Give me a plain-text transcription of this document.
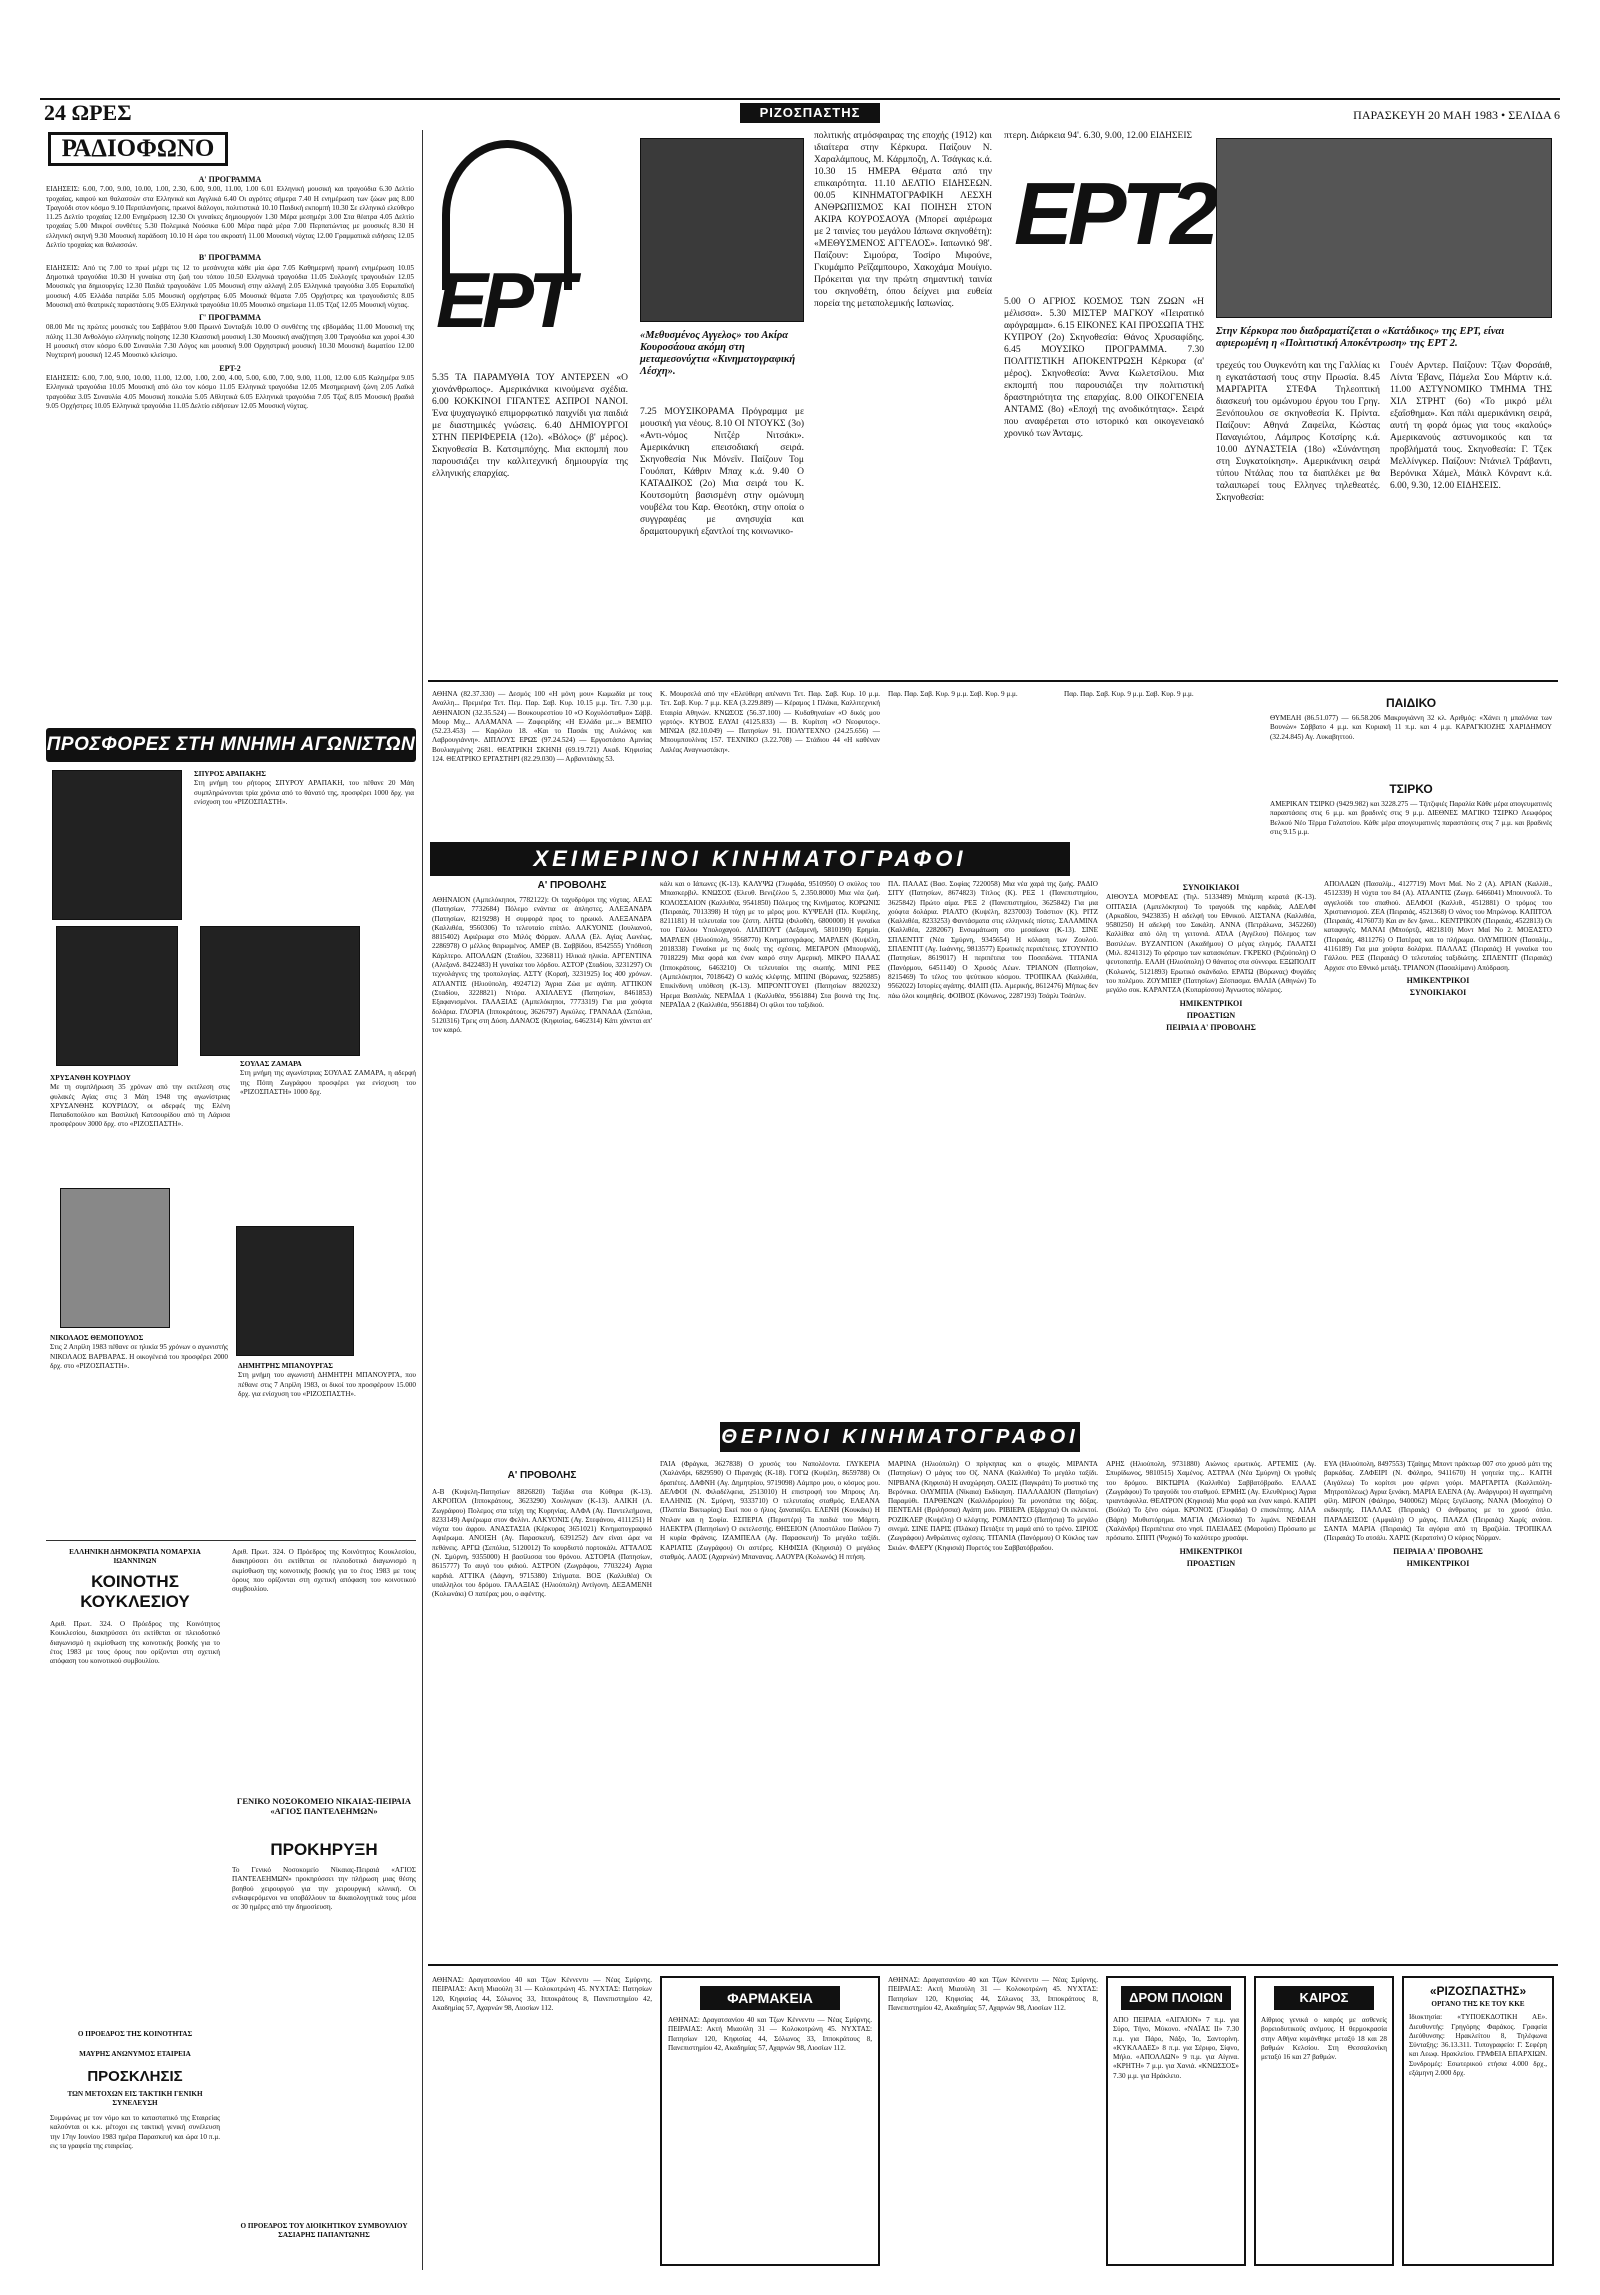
24 ΩΡΕΣ	ΡΙΖΟΣΠΑΣΤΗΣ	ΠΑΡΑΣΚΕΥΗ 20 ΜΑΗ 1983 • ΣΕΛΙΔΑ 6
ΡΑΔΙΟΦΩΝΟ
Α' ΠΡΟΓΡΑΜΜΑ
ΕΙΔΗΣΕΙΣ: 6.00, 7.00, 9.00, 10.00, 1.00, 2.30, 6.00, 9.00, 11.00, 1.00 6.01 Ελληνική μουσική και τραγούδια 6.30 Δελτίο τροχαίας, καιρού και θαλασσών στα Ελληνικά και Αγγλικά 6.40 Οι αγρότες σήμερα 7.40 Η ενημέρωση των ζώων μας 8.00 Τραγούδι στον κόσμο 9.10 Περιπλανήσεις, πρωινοί διάλογοι, πολιτιστικά 10.10 Παιδική εκπομπή 10.30 Σε ελληνικό ελεύθερο 11.25 Δελτίο τροχαίας 12.00 Ενημέρωση 12.30 Οι γυναίκες δημιουργούν 1.30 Μέρα μεσημέρι 3.00 Στα θέατρα 4.05 Δελτίο τροχαίας 5.00 Μικροί συνθέτες 5.30 Πολεμικά Νούσικα 6.00 Μέρα παρά μέρα 7.00 Περπατώντας με μουσικές 8.30 Η ελληνική σκηνή 9.30 Μουσική παράδοση 10.10 Η ώρα του ακροατή 11.00 Μουσική νύχτας 12.00 Γραμματικά ειδήσεις 12.05 Δελτίο τροχαίας και θαλασσών.
Β' ΠΡΟΓΡΑΜΜΑ
ΕΙΔΗΣΕΙΣ: Από τις 7.00 το πρωί μέχρι τις 12 το μεσάνυχτα κάθε μία ώρα 7.05 Καθημερινή πρωινή ενημέρωση 10.05 Δημοτικά τραγούδια 10.30 Η γυναίκα στη ζωή του τόπου 10.50 Ελληνικά τραγούδια 11.05 Συλλογές τραγουδιών 12.05 Μουσικές για δημιουργίες 12.30 Παιδιά τραγουδάνε 1.05 Μουσική στην αλλαγή 2.05 Ελληνικά τραγούδια 3.05 Ευρωπαϊκή μουσική 4.05 Ελλάδα πατρίδα 5.05 Μουσική ορχήστρας 6.05 Μουσικά θέματα 7.05 Ορχήστρες και τραγουδιστές 8.05 Μουσική από θεατρικές παραστάσεις 9.05 Ελληνικά τραγούδια 10.05 Μουσικό σημείωμα 11.05 Τζαζ 12.05 Μουσική νύχτας.
Γ' ΠΡΟΓΡΑΜΜΑ
08.00 Με τις πρώτες μουσικές του Σαββάτου 9.00 Πρωινό Συνταξιδι 10.00 Ο συνθέτης της εβδομάδας 11.00 Μουσική της πόλης 11.30 Ανθολόγιο ελληνικής ποίησης 12.30 Κλασσική μουσική 1.30 Μουσική αναζήτηση 3.00 Τραγούδια και χοροί 4.30 Η μουσική στον κόσμο 6.00 Συναυλία 7.30 Λόγος και μουσική 9.00 Ορχηστρική μουσική 10.30 Μουσική δωματίου 12.00 Νυχτερινή μουσική 12.45 Μουσικό κλείσιμο.
ΕΡΤ-2
ΕΙΔΗΣΕΙΣ: 6.00, 7.00, 9.00, 10.00, 11.00, 12.00, 1.00, 2.00, 4.00, 5.00, 6.00, 7.00, 9.00, 11.00, 12.00 6.05 Καλημέρα 9.05 Ελληνικά τραγούδια 10.05 Μουσική από όλο τον κόσμο 11.05 Ελληνικά τραγούδια 12.05 Μεσημεριανή ζώνη 2.05 Λαϊκά τραγούδια 3.05 Συναυλία 4.05 Μουσική ποικιλία 5.05 Αθλητικά 6.05 Ελληνικά τραγούδια 7.05 Τζαζ 8.05 Μουσική βραδιά 9.05 Ορχήστρες 10.05 Ελληνικά τραγούδια 11.05 Δελτίο ειδήσεων 12.05 Μουσική νύχτας.
ΠΡΟΣΦΟΡΕΣ ΣΤΗ ΜΝΗΜΗ ΑΓΩΝΙΣΤΩΝ
ΣΠΥΡΟΣ ΑΡΑΠΑΚΗΣ
Στη μνήμη του ρήτορος ΣΠΥΡΟΥ ΑΡΑΠΑΚΗ, του πέθανε 20 Μάη συμπληρώνονται τρία χρόνια από το θάνατό της, προσφέρει 1000 δρχ. για ενίσχυση του «ΡΙΖΟΣΠΑΣΤΗ».
ΧΡΥΣΑΝΘΗ ΚΟΥΡΙΔΟΥ
Με τη συμπλήρωση 35 χρόνων από την εκτέλεση στις φυλακές Αγίας στις 3 Μάη 1948 της αγωνίστριας ΧΡΥΣΑΝΘΗΣ ΚΟΥΡΙΔΟΥ, οι αδερφές της Ελένη Παπαδοπούλου και Βασιλική Κατσουρίδου από τη Λάρισα προσφέρουν 3000 δρχ. στο «ΡΙΖΟΣΠΑΣΤΗ».
ΣΟΥΛΑΣ ΖΑΜΑΡΑ
Στη μνήμη της αγωνίστριας ΣΟΥΛΑΣ ΖΑΜΑΡΑ, η αδερφή της Πόπη Ζωγράφου προσφέρει για ενίσχυση του «ΡΙΖΟΣΠΑΣΤΗ» 1000 δρχ.
ΝΙΚΟΛΑΟΣ ΘΕΜΟΠΟΥΛΟΣ
Στις 2 Απρίλη 1983 πέθανε σε ηλικία 95 χρόνων ο αγωνιστής ΝΙΚΟΛΑΟΣ ΒΑΡΒΑΡΑΣ. Η οικογένειά του προσφέρει 2000 δρχ. στο «ΡΙΖΟΣΠΑΣΤΗ».	ΔΗΜΗΤΡΗΣ ΜΠΑΝΟΥΡΓΑΣ
Στη μνήμη του αγωνιστή ΔΗΜΗΤΡΗ ΜΠΑΝΟΥΡΓΑ, που πέθανε στις 7 Απρίλη 1983, οι δικοί του προσφέρουν 15.000 δρχ. για ενίσχυση του «ΡΙΖΟΣΠΑΣΤΗ».
ΕΛΛΗΝΙΚΗ ΔΗΜΟΚΡΑΤΙΑ ΝΟΜΑΡΧΙΑ ΙΩΑΝΝΙΝΩΝ
ΚΟΙΝΟΤΗΣ ΚΟΥΚΛΕΣΙΟΥ
Αριθ. Πρωτ. 324. Ο Πρόεδρος της Κοινότητος Κουκλεσίου, διακηρύσσει ότι εκτίθεται σε πλειοδοτικό διαγωνισμό η εκμίσθωση της κοινοτικής βοσκής για το έτος 1983 με τους όρους που ορίζονται στη σχετική απόφαση του κοινοτικού συμβουλίου.
Ο ΠΡΟΕΔΡΟΣ ΤΗΣ ΚΟΙΝΟΤΗΤΑΣ
ΜΑΥΡΗΣ ΑΝΩΝΥΜΟΣ ΕΤΑΙΡΕΙΑ
ΠΡΟΣΚΛΗΣΙΣ
ΤΩΝ ΜΕΤΟΧΩΝ ΕΙΣ ΤΑΚΤΙΚΗ ΓΕΝΙΚΗ ΣΥΝΕΛΕΥΣΗ
Συμφώνως με τον νόμο και το καταστατικό της Εταιρείας καλούνται οι κ.κ. μέτοχοι εις τακτική γενική συνέλευση την 17ην Ιουνίου 1983 ημέρα Παρασκευή και ώρα 10 π.μ. εις τα γραφεία της εταιρείας.
Αριθ. Πρωτ. 324. Ο Πρόεδρος της Κοινότητος Κουκλεσίου, διακηρύσσει ότι εκτίθεται σε πλειοδοτικό διαγωνισμό η εκμίσθωση της κοινοτικής βοσκής για το έτος 1983 με τους όρους που ορίζονται στη σχετική απόφαση του κοινοτικού συμβουλίου.
ΓΕΝΙΚΟ ΝΟΣΟΚΟΜΕΙΟ ΝΙΚΑΙΑΣ-ΠΕΙΡΑΙΑ «ΑΓΙΟΣ ΠΑΝΤΕΛΕΗΜΩΝ»
ΠΡΟΚΗΡΥΞΗ
Το Γενικό Νοσοκομείο Νίκαιας-Πειραιά «ΑΓΙΟΣ ΠΑΝΤΕΛΕΗΜΩΝ» προκηρύσσει την πλήρωση μιας θέσης βοηθού χειρουργού για την χειρουργική κλινική. Οι ενδιαφερόμενοι να υποβάλλουν τα δικαιολογητικά τους μέσα σε 30 ημέρες από την δημοσίευση.
Ο ΠΡΟΕΔΡΟΣ ΤΟΥ ΔΙΟΙΚΗΤΙΚΟΥ ΣΥΜΒΟΥΛΙΟΥ ΣΑΣΙΑΡΗΣ ΠΑΠΑΝΤΩΝΗΣ
ΕΡΤ	«Μεθυσμένος Αγγελος» του Ακίρα Κουροσάουα ακόμη στη μεταμεσονύχτια «Κινηματογραφική Λέσχη».
5.35 ΤΑ ΠΑΡΑΜΥΘΙΑ ΤΟΥ ΑΝΤΕΡΣΕΝ «Ο χιονάνθρωπος». Αμερικάνικα κινούμενα σχέδια. 6.00 ΚΟΚΚΙΝΟΙ ΓΙΓΑΝΤΕΣ ΑΣΠΡΟΙ ΝΑΝΟΙ. Ένα ψυχαγωγικό επιμορφωτικό παιχνίδι για παιδιά με διαστημικές γνώσεις. 6.40 ΔΗΜΙΟΥΡΓΟΙ ΣΤΗΝ ΠΕΡΙΦΕΡΕΙΑ (12ο). «Βόλος» (β' μέρος). Σκηνοθεσία Β. Κατσιμπόχης. Μια εκπομπή που παρουσιάζει την καλλιτεχνική δημιουργία της ελληνικής επαρχίας.
7.25 ΜΟΥΣΙΚΟΡΑΜΑ Πρόγραμμα με μουσική για νέους. 8.10 ΟΙ ΝΤΟΥΚΣ (3ο) «Αντι-νόμος Νιτζέρ Νιτσάκι». Αμερικάνικη επεισοδιακή σειρά. Σκηνοθεσία Νικ Μόνεϊν. Παίζουν Τομ Γουόπατ, Κάθριν Μπαχ κ.ά. 9.40 Ο ΚΑΤΑΔΙΚΟΣ (2ο) Μια σειρά του Κ. Κουτσομύτη βασισμένη στην ομώνυμη νουβέλα του Καρ. Θεοτόκη, στην οποία ο συγγραφέας με ανησυχία και δραματουργική εξαντλοί της κοινωνικο-
πολιτικής ατμόσφαιρας της εποχής (1912) και ιδιαίτερα στην Κέρκυρα. Παίζουν Ν. Χαραλάμπους, Μ. Κάρμποζη, Λ. Τσάγκας κ.ά. 10.30 15 ΗΜΕΡΑ Θέματα από την επικαιρότητα. 11.10 ΔΕΛΤΙΟ ΕΙΔΗΣΕΩΝ. 00.05 ΚΙΝΗΜΑΤΟΓΡΑΦΙΚΗ ΛΕΣΧΗ ΑΝΘΡΩΠΙΣΜΟΣ ΚΑΙ ΠΟΙΗΣΗ ΣΤΟΝ ΑΚΙΡΑ ΚΟΥΡΟΣΑΟΥΑ (Μπορεί αφιέρωμα με 2 ταινίες του μεγάλου Ιάπωνα σκηνοθέτη): «ΜΕΘΥΣΜΕΝΟΣ ΑΓΓΕΛΟΣ». Ιαπωνικό 98'. Παίζουν: Σιμούρα, Τοσίρο Μιφούνε, Γκυμάμπο Ρεΐζαμπουρο, Χακοχάμα Μουίγιο. Πρόκειται για την πρώτη σημαντική ταινία του σκηνοθέτη, όπου δείχνει μια ευθεία πορεία της μεταπολεμικής Ιαπωνίας.
πτερη. Διάρκεια 94'. 6.30, 9.00, 12.00 ΕΙΔΗΣΕΙΣ
ΕΡΤ2
5.00 Ο ΑΓΡΙΟΣ ΚΟΣΜΟΣ ΤΩΝ ΖΩΩΝ «Η μέλισσα». 5.30 ΜΙΣΤΕΡ ΜΑΓΚΟΥ «Πειρατικό αφόγραμμα». 6.15 ΕΙΚΟΝΕΣ ΚΑΙ ΠΡΟΣΩΠΑ ΤΗΣ ΚΥΠΡΟΥ (2ο) Σκηνοθεσία: Θάνος Χρυσαφίδης. 6.45 ΜΟΥΣΙΚΟ ΠΡΟΓΡΑΜΜΑ. 7.30 ΠΟΛΙΤΙΣΤΙΚΗ ΑΠΟΚΕΝΤΡΩΣΗ Κέρκυρα (α' μέρος). Σκηνοθεσία: Άννα Κωλετσίλου. Μια εκπομπή που παρουσιάζει την πολιτιστική δραστηριότητα της επαρχίας. 8.00 ΟΙΚΟΓΕΝΕΙΑ ΑΝΤΑΜΣ (8ο) «Εποχή της ανοδικότητας». Σειρά που αναφέρεται στο ιστορικό και οικογενειακό χρονικό των Άνταμς.
Στην Κέρκυρα που διαδραματίζεται ο «Κατάδικος» της ΕΡΤ, είναι αφιερωμένη η «Πολιτιστική Αποκέντρωση» της ΕΡΤ 2.
τρεχεύς του Ουγκενότη και της Γαλλίας κι η εγκατάστασή τους στην Πρωσία. 8.45 ΜΑΡΓΑΡΙΤΑ ΣΤΕΦΑ Τηλεοπτική διασκευή του ομώνυμου έργου του Γρηγ. Ξενόπουλου σε σκηνοθεσία Κ. Πρίντα. Παίζουν: Αθηνά Ζαφείλα, Κώστας Παναγιώτου, Λάμπρος Κοτσίρης κ.ά. 10.00 ΔΥΝΑΣΤΕΙΑ (18ο) «Σύνάντηση στη Συγκατοίκηση». Αμερικάνικη σειρά τύπου Ντάλας που τα διαπλέκει με θα ταλαιπωρεί τους Ελληνες τηλεθεατές. Σκηνοθεσία:
Γουέν Αρντερ. Παίζουν: Τζων Φορσάιθ, Λίντα Έβανς, Πάμελα Σου Μάρτιν κ.ά. 11.00 ΑΣΤΥΝΟΜΙΚΟ ΤΜΗΜΑ ΤΗΣ ΧΙΛ ΣΤΡΗΤ (6ο) «Το μικρό μέλι εξαΐσθημα». Και πάλι αμερικάνικη σειρά, αυτή τη φορά όμως για τους «καλούς» Αμερικανούς αστυνομικούς και τα προβλήματά τους. Σκηνοθεσία: Γ. Τζεκ Μελλίνγκερ. Παίζουν: Ντάνιελ Τράβαντι, Βερόνικα Χάμελ, Μάικλ Κόνραντ κ.ά. 6.00, 9.30, 12.00 ΕΙΔΗΣΕΙΣ.
ΑΘΗΝΑ (82.37.330) — Δεσμός 100 «Η μόνη μου» Κωμωδία με τους Αναλλη... Πρεμιέρα Τετ. Πεμ. Παρ. Σαβ. Κυρ. 10.15 μ.μ. Τετ. 7.30 μ.μ. ΑΘΗΝΑΙΟΝ (32.35.524) — Βουκουρεστίου 10 «Ο Κοχυλόσταθμο» Σάββ. Μουρ Μιχ... ΑΛΑΜΑΝΑ — Ζαφειρίδης «Η Ελλάδα με...» ΒΕΜΠΟ (52.23.453) — Καρόλου 18. «Και το Πασάκ της Αυλώνος και Λαβρουγιάννη». ΔΙΠΛΟΥΣ ΕΡΩΣ (97.24.524) — Εργοστάσιο Αμινίας Βουλιαγμένης 2681. ΘΕΑΤΡΙΚΗ ΣΚΗΝΗ (69.19.721) Ακαδ. Κηφισίας 124. ΘΕΑΤΡΙΚΟ ΕΡΓΑΣΤΗΡΙ (82.29.030) — Αρβανιτάκης 53.
Κ. Μουρσελά από την «Ελεύθερη απέναντι Τετ. Παρ. Σαβ. Κυρ. 10 μ.μ. Τετ. Σαβ. Κυρ. 7 μ.μ. ΚΕΑ (3.229.889) — Κέραμος 1 Πλάκα, Καλλιτεχνική Εταιρία Αθηνών. ΚΝΩΣΟΣ (56.37.100) — Κυδαθηναίων «Ο δικός μου γερτός». ΚΥΒΟΣ ΕΛΥΑΙ (4125.833) — Β. Κυρίτση «Ο Νεοφυτος». ΜΙΝΩΑ (82.10.049) — Πατησίων 91. ΠΟΛΥΤΕΧΝΟ (24.25.656) — Μπουμπουλίνας 157. ΤΕΧΝΙΚΟ (3.22.708) — Στάδιου 44 «Η καθέναν Λαλέας Αναγνωστάκη».
Παρ. Παρ. Σαβ. Κυρ. 9 μ.μ. Σαβ. Κυρ. 9 μ.μ.	Παρ. Παρ. Σαβ. Κυρ. 9 μ.μ. Σαβ. Κυρ. 9 μ.μ.
ΠΑΙΔΙΚΟ
ΘΥΜΕΛΗ (86.51.077) — 66.58.206 Μακρυγιάννη 32 κλ. Αριθμός: «Χάνει η μπαλόνια των Βουνών» Σάββατο 4 μ.μ. και Κυριακή 11 π.μ. και 4 μ.μ. ΚΑΡΑΓΚΙΟΖΗΣ ΧΑΡΙΔΗΜΟΥ (32.24.845) Αγ. Λυκαβηττού.
ΤΣΙΡΚΟ
ΑΜΕΡΙΚΑΝ ΤΣΙΡΚΟ (9429.982) και 3228.275 — Τζιτζιφιές Παραλία Κάθε μέρα απογευματινές παραστάσεις στις 6 μ.μ. και βραδινές στις 9 μ.μ. ΔΙΕΘΝΕΣ ΜΑΓΙΚΟ ΤΣΙΡΚΟ Λεωφόρος Βελκού Νέο Τέρμα Γαλατσίου. Κάθε μέρα απογευματινές παραστάσεις στις 7 μ.μ. και βραδινές στις 9.15 μ.μ.
ΧΕΙΜΕΡΙΝΟΙ ΚΙΝΗΜΑΤΟΓΡΑΦΟΙ
Α' ΠΡΟΒΟΛΗΣ
ΑΘΗΝΑΙΟΝ (Αμπελόκηποι, 7782122): Οι ταχυδρόμοι της νύχτας. ΑΕΛΣ (Πατησίων, 7732684) Πόλεμο ενάντια σε άπληστες. ΑΛΕΞΑΝΔΡΑ (Πατησίων, 8219298) Η συμφορά προς το ηρωικό. ΑΛΕΞΑΝΔΡΑ (Καλλιθέα, 9560306) Το τελευταίο επίπλο. ΑΛΚΥΟΝΙΣ (Ιουλιανού, 8815402) Αφιέρωμα στο Μιλός Φόρμαν. ΑΛΛΑ (Ελ. Αγίας Λωνέως, 2286978) Ο μέλλος θειρωμένος. ΑΜΕΡ (Β. Σαββίδου, 8542555) Υπόθεση Κάρλτερο. ΑΠΟΛΛΩΝ (Σταδίου, 3236811) Ηλικιά ηλικία. ΑΡΓΕΝΤΙΝΑ (Αλεξανδ. 8422483) Η γυναίκα του λόρδου. ΑΣΤΟΡ (Σταδίου, 3231297) Οι τεχνολάγνες της τροπολογίας. ΑΣΤΥ (Κοραή, 3231925) Ιος 400 χρόνων. ΑΤΛΑΝΤΙΣ (Ηλιούπολη, 4924712) Άγρια Ζώα με αγάπη. ΑΤΤΙΚΟΝ (Σταδίου, 3228821) Ντόρα. ΑΧΙΛΛΕΥΣ (Πατησίων, 8461853) Εξαφανισμένοι. ΓΑΛΑΞΙΑΣ (Αμπελόκηποι, 7773319) Για μια χούφτα δολάρια. ΓΛΟΡΙΑ (Ιπποκράτους, 3626797) Αγκύλες. ΓΡΑΝΑΔΑ (Σεπόλια, 5120316) Τρεις στη Δύση. ΔΑΝΑΟΣ (Κηφισίας, 6462314) Κάτι χάνεται απ' τον καιρό.
κάλι και ο Ιάπωνες (Κ-13). ΚΑΛΥΨΩ (Γλυφάδα, 9510950) Ο σκύλος του Μπασκερβιλ. ΚΝΩΣΟΣ (Ελευθ. Βενιζέλου 5, 2.350.8000) Μια νέα ζωή. ΚΟΛΟΣΣΑΙΟΝ (Καλλιθέα, 9541850) Πόλεμος της Κινήματος. ΚΟΡΩΝΙΣ (Πειραιάς, 7013398) Η τύχη με το μέρος μου. ΚΥΨΕΛΗ (Πλ. Κυψέλης, 8211181) Η τελευταία του ζέστη. ΛΗΤΩ (Φιλοθέη, 6800000) Η γυναίκα του Γάλλου Υπολοχαγού. ΛΙΛΙΠΟΥΤ (Δεξαμενή, 5810190) Ερημία. ΜΑΡΛΕΝ (Ηλιούπολη, 9568770) Κινηματογράφος. ΜΑΡΛΕΝ (Κυψέλη, 2018338) Γυναίκα με τις δικές της σχέσεις. ΜΕΓΑΡΟΝ (Μπουρνάζι, 7018229) Μια φορά και έναν καιρό στην Αμερική. ΜΙΚΡΟ ΠΑΛΑΣ (Ιπποκράτους, 6463210) Οι τελευταίοι της σιωπής. ΜΙΝΙ ΡΕΞ (Αμπελόκηποι, 7018642) Ο καλός κλέφτης. ΜΠΙΝΙ (Βύρωνας, 9225885) Επικίνδυνη υπόθεση (Κ-13). ΜΠΡΟΝΤΓΟΥΕΙ (Πατησίων 8820232) Ήρεμα Βασιλιάς. ΝΕΡΑΪΔΑ 1 (Καλλιθέα, 9561884) Στα βουνά της Ιτις. ΝΕΡΑΪΔΑ 2 (Καλλιθέα, 9561884) Οι φίλοι του ταξιδιού.
ΠΛ. ΠΑΛΑΣ (Βασ. Σοφίας 7220058) Μια νέα χαρά της ζωής. ΡΑΔΙΟ ΣΙΤΥ (Πατησίων, 8674823) Τίτλος (Κ). ΡΕΞ 1 (Πανεπιστημίου, 3625842) Πρώτο αίμα. ΡΕΞ 2 (Πανεπιστημίου, 3625842) Για μια χούφτα δολάρια. ΡΙΑΛΤΟ (Κυψέλη, 8237003) Τσάστιον (Κ). ΡΙΤΖ (Καλλιθέα, 8233253) Φαντάσματα στις ελληνικές πίστες. ΣΑΛΑΜΙΝΑ (Καλλιθέα, 2282067) Ενσωμάτωση στο μεσαίωνα (Κ-13). ΣΙΝΕ ΣΠΛΕΝΤΙΤ (Νέα Σμύρνη, 9345654) Η κόλαση των Ζουλού. ΣΠΛΕΝΤΙΤ (Αγ. Ιωάννης, 9813577) Ερωτικές περιπέτειες. ΣΤΟΥΝΤΙΟ (Πατησίων, 8619017) Η περιπέτεια του Ποσειδώνα. ΤΙΤΑΝΙΑ (Πανόρμου, 6451140) Ο Χρυσός Λέων. ΤΡΙΑΝΟΝ (Πατησίων, 8215469) Το τέλος του ψεύτικου κόσμου. ΤΡΟΠΙΚΑΛ (Καλλιθέα, 9562022) Ιστορίες αγάπης. ΦΙΛΙΠ (Πλ. Αμερικής, 8612476) Μήπως δεν πάω όλοι κοιμηθείς. ΦΟΙΒΟΣ (Κόνωνος, 2287193) Τσάρλι Τσάπλιν.
ΣΥΝΟΙΚΙΑΚΟΙ
ΑΙΘΟΥΣΑ ΜΟΡΦΕΑΣ (Τηλ. 5133489) Μπάμπη κερατά (Κ-13). ΟΠΤΑΣΙΑ (Αμπελόκηποι) Το τραγούδι της καρδιάς. ΑΔΕΛΦΙ (Αρκαδίου, 9423835) Η αδελφή του Εθνικού. ΑΙΣΤΑΝΑ (Καλλιθέα, 9580250) Η αδελφή του Σακάλη. ΑΝΝΑ (Πετράλωνα, 3452260) Καλλίθεα από όλη τη γειτονιά. ΑΤΛΑ (Αγγέλου) Πόλεμος των Βασιλέων. ΒΥΖΑΝΤΙΟΝ (Ακαδήμου) Ο μέγας ελιγμός. ΓΑΛΑΤΣΙ (Μιλ. 8241312) Το φέρσιμο των κατασκόπων. ΓΚΡΕΚΟ (Ριζούπολη) Ο ψευτοπατήρ. ΕΛΛΗ (Ηλιούπολη) Ο θάνατος στα σύννεφα. ΕΞΩΠΟΛΙΤ (Κολωνός, 5121893) Ερωτικό σκάνδαλο. ΕΡΑΤΩ (Βύρωνας) Φυγάδες του πολέμου. ΖΟΥΜΠΕΡ (Πατησίων) Ξέσπασμα. ΘΑΛΙΑ (Αθηνών) Το μεγάλο σοκ. ΚΑΡΑΝΤΖΑ (Κυπαρίσσου) Άγνωστος πόλεμος.
ΗΜΙΚΕΝΤΡΙΚΟΙ
ΠΡΟΑΣΤΙΩΝ
ΠΕΙΡΑΙΑ Α' ΠΡΟΒΟΛΗΣ
ΑΠΟΛΛΩΝ (Πασαλίμ., 4127719) Μοντ Μαΐ. Νο 2 (Α). ΑΡΙΑΝ (Καλλίθ., 4512339) Η νύχτα του 84 (Α). ΑΤΛΑΝΤΙΣ (Ζωγρ. 6466041) Μπουνουέλ. Το αγγελούδι του σπαθιού. ΔΕΛΦΟΙ (Καλλιθ., 4512881) Ο τρόμος του Χριστιανισμού. ΖΕΑ (Πειραιάς, 4521368) Ο νάνος του Μπρώνοφ. ΚΑΠΙΤΟΛ (Πειραιάς, 4176073) Και αν δεν ξανα... ΚΕΝΤΡΙΚΟΝ (Πειραιάς, 4522813) Οι καταφυγές. ΜΑΝΑΙ (Μπούρτζι, 4821810) Μοντ Μαΐ Νο 2. ΜΟΞΑΣΤΟ (Πειραιάς, 4811276) Ο Πατέρας και το πλήρωμα. ΟΛΥΜΠΙΟΝ (Πασαλίμ., 4116189) Για μια χούφτα δολάρια. ΠΑΛΛΑΣ (Πειραιάς) Η γυναίκα του Γάλλου. ΡΕΞ (Πειραιάς) Ο τελευταίος ταξιδιώτης. ΣΠΛΕΝΤΙΤ (Πειραιάς) Αρχισε στο Εθνικό μετάξι. ΤΡΙΑΝΟΝ (Πασαλίμανι) Απόδραση.
ΗΜΙΚΕΝΤΡΙΚΟΙ
ΣΥΝΟΙΚΙΑΚΟΙ
ΘΕΡΙΝΟΙ ΚΙΝΗΜΑΤΟΓΡΑΦΟΙ
Α' ΠΡΟΒΟΛΗΣ
Α-Β (Κυψελη-Πατησίων 8826820) Ταξίδια στα Κύθηρα (Κ-13). ΑΚΡΟΠΟΛ (Ιπποκράτους, 3623290) Χουλιγκαν (Κ-13). ΑΛΙΚΗ (Λ. Ζωγράφου) Πολεμος στα τείχη της Κυρηνίας. ΑΛΦΑ (Αγ. Παντελεήμονα, 8233149) Αφιέρωμα στον Φελίνι. ΑΛΚΥΟΝΙΣ (Αγ. Στεφάνου, 4111251) Η νύχτα του άφρου. ΑΝΑΣΤΑΣΙΑ (Κέρκυρας 3651021) Κινηματογραφικό Αφιέρωμα. ΑΝΟΙΞΗ (Αγ. Παρασκευή, 6391252) Δεν είναι ώρα να πεθάνεις. ΑΡΓΩ (Σεπόλια, 5120012) Το κουρδιστό πορτοκάλι. ΑΤΤΑΛΟΣ (Ν. Σμύρνη, 9355000) Η βασίλισσα του θρόνου. ΑΣΤΟΡΙΑ (Πατησίων, 8615777) Το αυγό του φιδιού. ΑΣΤΡΟΝ (Ζωγράφου, 7703224) Αγρια καρδιά. ΑΤΤΙΚΑ (Δάφνη, 9715380) Στίγματα. ΒΟΞ (Καλλιθέα) Οι υπαλληλοι του δρόμου. ΓΑΛΑΞΙΑΣ (Ηλιούπολη) Αντίγονη. ΔΕΞΑΜΕΝΗ (Κολωνάκι) Ο πατέρας μου, ο αφέντης.
ΓΑΙΑ (Φράγκα, 3627838) Ο χρυσός του Ναπολέοντα. ΓΛΥΚΕΡΙΑ (Χαλάνδρι, 6829590) Ο Πιρανχάς (Κ-18). ΓΟΓΩ (Κυψέλη, 8659788) Οι δραπέτες. ΔΑΦΝΗ (Αγ. Δημητρίου, 9719098) Λάμπρο μου, ο κόσμος μου. ΔΕΛΦΟΙ (Ν. Φιλαδέλφεια, 2513010) Η επιστροφή του Μπρους Λη. ΕΛΛΗΝΙΣ (Ν. Σμύρνη, 9333710) Ο τελευταίος σταθμός. ΕΛΕΑΝΑ (Πλατεία Βικτωρίας) Εκεί που ο ήλιος ξαναπαίζει. ΕΛΕΝΗ (Κουκάκι) Η Ντιλαν και η Σοφία. ΕΣΠΕΡΙΑ (Περιστέρι) Τα παιδιά του Μάρτη. ΗΛΕΚΤΡΑ (Πατησίων) Ο εκτελεστής. ΘΗΣΕΙΟΝ (Αποστόλου Παύλου 7) Η κυρία Φράνσις. ΙΖΑΜΠΕΛΑ (Αγ. Παρασκευή) Το μεγάλο ταξίδι. ΚΑΡΙΑΤΙΣ (Ζωγράφου) Οι αστέρες. ΚΗΦΙΣΙΑ (Κηφισιά) Ο μεγάλος σταθμός. ΛΑΟΣ (Αχαρνών) Μπανανας. ΛΑΟΥΡΑ (Κολωνός) Η πτήση.
ΜΑΡΙΝΑ (Ηλιούπολη) Ο πρίγκηπας και ο φτωχός. ΜΙΡΑΝΤΑ (Πατησίων) Ο μάγος του Οζ. ΝΑΝΑ (Καλλιθέα) Το μεγάλο ταξίδι. ΝΙΡΒΑΝΑ (Κηφισιά) Η αναχώρηση. ΟΑΣΙΣ (Παγκράτι) Το μυστικό της Βερόνικα. ΟΛΥΜΠΙΑ (Νίκαια) Εκδίκηση. ΠΑΛΛΑΔΙΟΝ (Πατησίων) Παραμύθι. ΠΑΡΘΕΝΩΝ (Καλλιδρομίου) Τα μονοπάτια της δόξας. ΠΕΝΤΕΛΗ (Βριλήσσια) Αγάπη μου. ΡΙΒΙΕΡΑ (Εξάρχεια) Οι εκλεκτοί. ΡΟΖΙΚΛΕΡ (Κυψέλη) Ο κλέφτης. ΡΟΜΑΝΤΣΟ (Πατήσια) Το μεγάλο σινεμά. ΣΙΝΕ ΠΑΡΙΣ (Πλάκα) Πετάξτε τη μαμά από το τρένο. ΣΙΡΙΟΣ (Ζωγράφου) Ανθρώπινες σχέσεις. ΤΙΤΑΝΙΑ (Πανόρμου) Ο Κύκλος των Σκιών. ΦΛΕΡΥ (Κηφισιά) Πυρετός του Σαββατόβραδου.
ΑΡΗΣ (Ηλιούπολη, 9731880) Αιώνιος ερωτικός. ΑΡΤΕΜΙΣ (Αγ. Σπυρίδωνος, 9810515) Χαμένος. ΑΣΤΡΑΛ (Νέα Σμύρνη) Οι γροθιές του δρόμου. ΒΙΚΤΩΡΙΑ (Καλλιθέα) Σαββατόβραδο. ΕΛΛΑΣ (Ζωγράφου) Το τραγούδι του σταθμού. ΕΡΜΗΣ (Αγ. Ελευθέριος) Άγρια τριαντάφυλλα. ΘΕΑΤΡΟΝ (Κηφισιά) Μια φορά και έναν καιρό. ΚΑΠΡΙ (Βούλα) Το ξένο σώμα. ΚΡΟΝΟΣ (Γλυφάδα) Ο επισκέπτης. ΛΙΛΑ (Βάρη) Μυθιστόρημα. ΜΑΓΙΑ (Μελίσσια) Το λιμάνι. ΝΕΦΕΛΗ (Χαλάνδρι) Περιπέτεια στο νησί. ΠΛΕΙΑΔΕΣ (Μαρούσι) Πρόσωπο με πρόσωπο. ΣΠΙΤΙ (Ψυχικό) Το καλύτερο χρυσάφι.
ΗΜΙΚΕΝΤΡΙΚΟΙ
ΠΡΟΑΣΤΙΩΝ
ΕΥΑ (Ηλιούπολη, 8497553) Τζαίημς Μποντ πράκτωρ 007 στο χρυσό μάτι της βαρκάδας. ΖΑΦΕΙΡΙ (Ν. Φάληρο, 9411670) Η γοητεία της... ΚΑΙΤΗ (Αιγάλεω) Το κορίτσι μου φέρνει γούρι. ΜΑΡΓΑΡΙΤΑ (Καλλιπόλη-Μητροπόλεως) Αγρια ξενάκη. ΜΑΡΙΑ ΕΛΕΝΑ (Αγ. Ανάργυροι) Η αγαπημένη φίλη. ΜΙΡΟΝ (Φάληρο, 9400062) Μέρες ξεγέλασης. ΝΑΝΑ (Μοσχάτο) Ο εκδικητής. ΠΑΛΛΑΣ (Πειραιάς) Ο άνθρωπος με το χρυσό όπλο. ΠΑΡΑΔΕΙΣΟΣ (Αμφιάλη) Ο μάγος. ΠΛΑΖΑ (Πειραιάς) Χωρίς ανάσα. ΣΑΝΤΑ ΜΑΡΙΑ (Πειραιάς) Τα αγόρια από τη Βραζιλία. ΤΡΟΠΙΚΑΛ (Πειραιάς) Το ατσάλι. ΧΑΡΙΣ (Κερατσίνι) Ο κύριος Νόρμαν.
ΠΕΙΡΑΙΑ Α' ΠΡΟΒΟΛΗΣ
ΗΜΙΚΕΝΤΡΙΚΟΙ
ΑΘΗΝΑΣ: Δραγατσανίου 40 και Τζων Κέννεντυ — Νέας Σμύρνης. ΠΕΙΡΑΙΑΣ: Ακτή Μιαούλη 31 — Κολοκοτρώνη 45. ΝΥΧΤΑΣ: Πατησίων 120, Κηφισίας 44, Σόλωνος 33, Ιπποκράτους 8, Πανεπιστημίου 42, Ακαδημίας 57, Αχαρνών 98, Λιοσίων 112.
ΦΑΡΜΑΚΕΙΑ
ΑΘΗΝΑΣ: Δραγατσανίου 40 και Τζων Κέννεντυ — Νέας Σμύρνης. ΠΕΙΡΑΙΑΣ: Ακτή Μιαούλη 31 — Κολοκοτρώνη 45. ΝΥΧΤΑΣ: Πατησίων 120, Κηφισίας 44, Σόλωνος 33, Ιπποκράτους 8, Πανεπιστημίου 42, Ακαδημίας 57, Αχαρνών 98, Λιοσίων 112.
ΑΘΗΝΑΣ: Δραγατσανίου 40 και Τζων Κέννεντυ — Νέας Σμύρνης. ΠΕΙΡΑΙΑΣ: Ακτή Μιαούλη 31 — Κολοκοτρώνη 45. ΝΥΧΤΑΣ: Πατησίων 120, Κηφισίας 44, Σόλωνος 33, Ιπποκράτους 8, Πανεπιστημίου 42, Ακαδημίας 57, Αχαρνών 98, Λιοσίων 112.
ΔΡΟΜ ΠΛΟΙΩΝ
ΑΠΟ ΠΕΙΡΑΙΑ «ΑΙΓΑΙΟΝ» 7 π.μ. για Σύρο, Τήνο, Μύκονο. «ΝΑΪΑΣ ΙΙ» 7.30 π.μ. για Πάρο, Νάξο, Ίο, Σαντορίνη. «ΚΥΚΛΑΔΕΣ» 8 π.μ. για Σέριφο, Σίφνο, Μήλο. «ΑΠΟΛΛΩΝ» 9 π.μ. για Αίγινα. «ΚΡΗΤΗ» 7 μ.μ. για Χανιά. «ΚΝΩΣΣΟΣ» 7.30 μ.μ. για Ηράκλειο.
ΚΑΙΡΟΣ
Αίθριος γενικά ο καιρός με ασθενείς βορειοδυτικούς ανέμους. Η θερμοκρασία στην Αθήνα κυμάνθηκε μεταξύ 18 και 28 βαθμών Κελσίου. Στη Θεσσαλονίκη μεταξύ 16 και 27 βαθμών.
«ΡΙΖΟΣΠΑΣΤΗΣ»
ΟΡΓΑΝΟ ΤΗΣ ΚΕ ΤΟΥ ΚΚΕ
Ιδιοκτησία: «ΤΥΠΟΕΚΔΟΤΙΚΗ ΑΕ». Διευθυντής: Γρηγόρης Φαράκος. Γραφεία Διεύθυνσης: Ηρακλείτου 8, Τηλέφωνα Σύνταξης: 36.13.311. Τυπογραφείο: Γ. Σεφέρη και Λεωφ. Ηρακλείου. ΓΡΑΦΕΙΑ ΕΠΑΡΧΙΩΝ. Συνδρομές: Εσωτερικού ετήσια 4.000 δρχ., εξάμηνη 2.000 δρχ.
